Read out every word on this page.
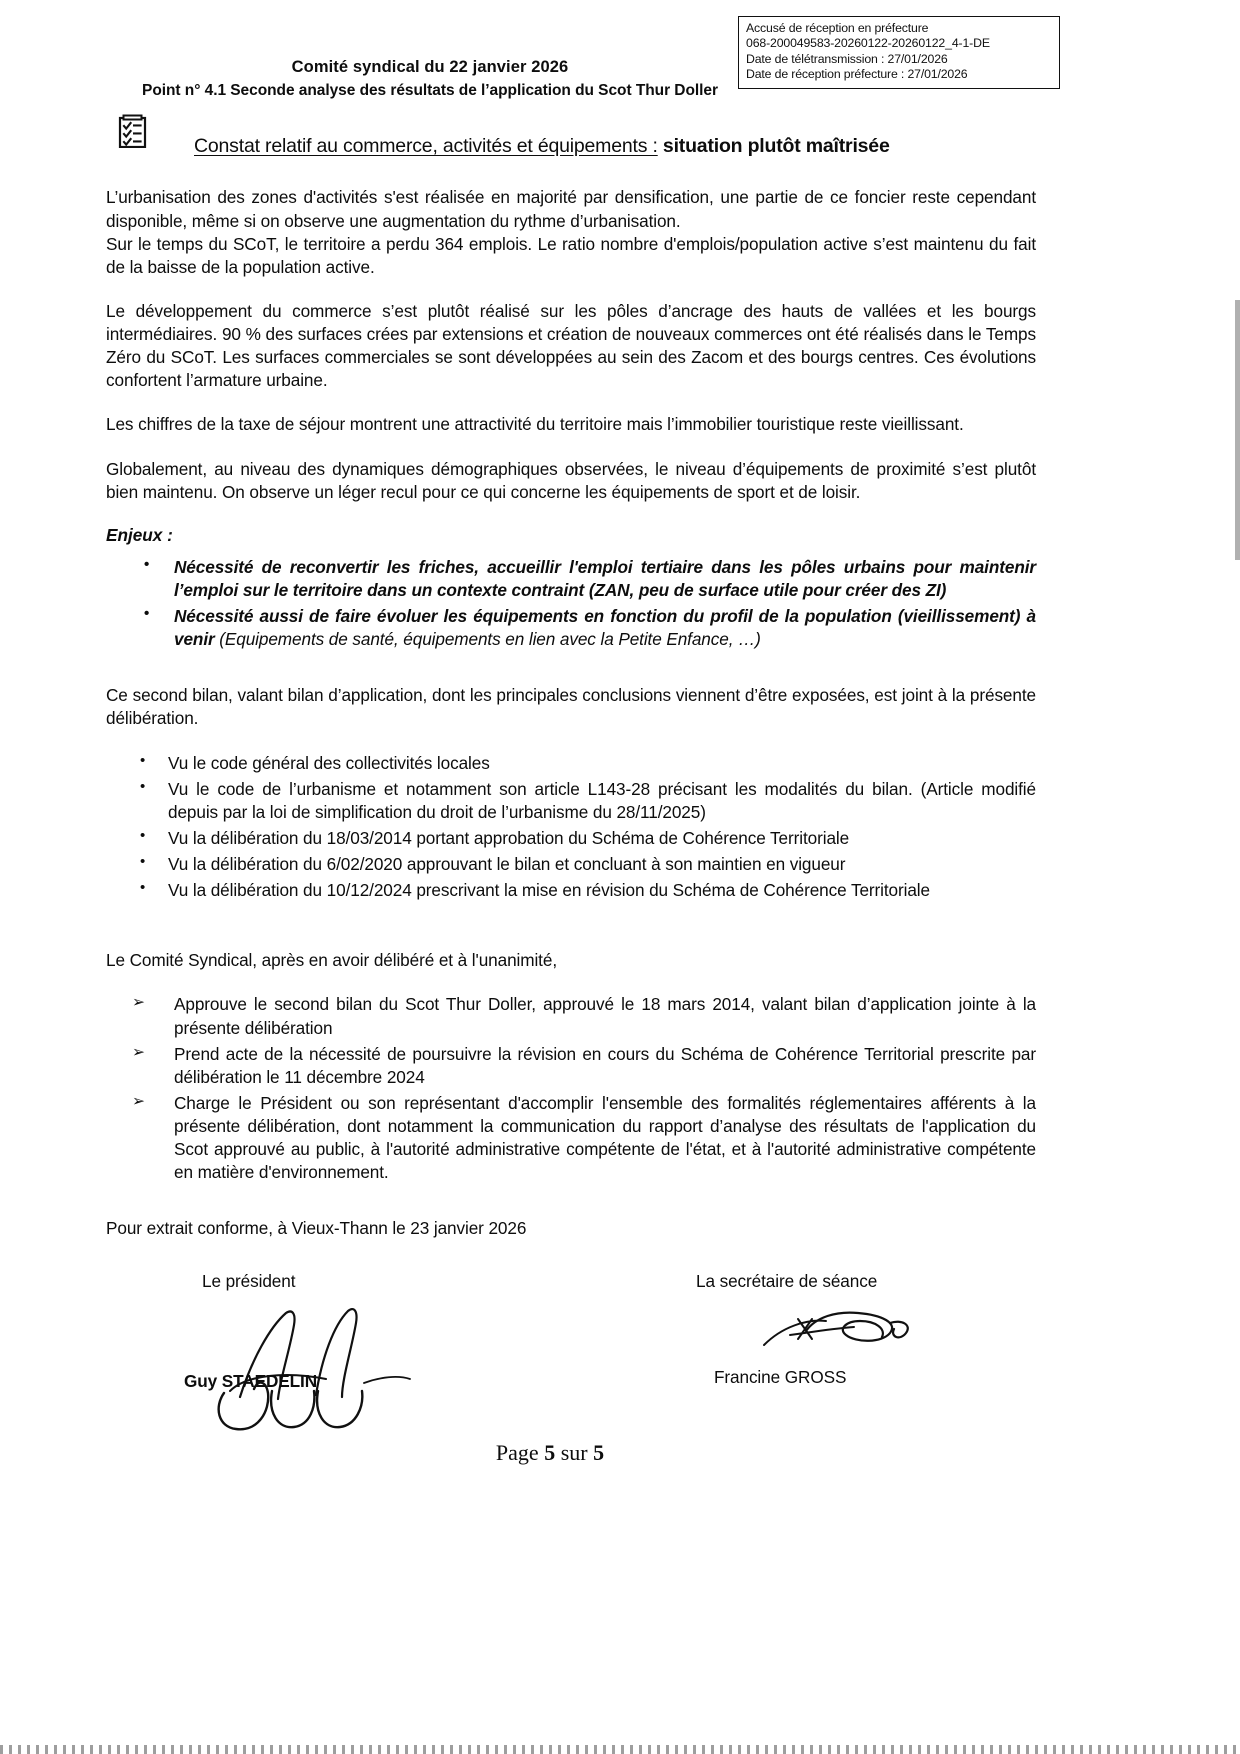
Comité syndical du 22 janvier 2026
Point n° 4.1 Seconde analyse des résultats de l’application du Scot Thur Doller
Accusé de réception en préfecture
068-200049583-20260122-20260122_4-1-DE
Date de télétransmission : 27/01/2026
Date de réception préfecture : 27/01/2026
Constat relatif au commerce, activités et équipements : situation plutôt maîtrisée

L’urbanisation des zones d'activités s'est réalisée en majorité par densification, une partie de ce foncier reste cependant disponible, même si on observe une augmentation du rythme d’urbanisation.

Sur le temps du SCoT, le territoire a perdu 364 emplois. Le ratio nombre d'emplois/population active s’est maintenu du fait de la baisse de la population active.

Le développement du commerce s’est plutôt réalisé sur les pôles d’ancrage des hauts de vallées et les bourgs intermédiaires. 90 % des surfaces crées par extensions et création de nouveaux commerces ont été réalisés dans le Temps Zéro du SCoT. Les surfaces commerciales se sont développées au sein des Zacom et des bourgs centres. Ces évolutions confortent l’armature urbaine.

Les chiffres de la taxe de séjour montrent une attractivité du territoire mais l’immobilier touristique reste vieillissant.

Globalement, au niveau des dynamiques démographiques observées, le niveau d’équipements de proximité s’est plutôt bien maintenu. On observe un léger recul pour ce qui concerne les équipements de sport et de loisir.

Enjeux :
• Nécessité de reconvertir les friches, accueillir l'emploi tertiaire dans les pôles urbains pour maintenir l’emploi sur le territoire dans un contexte contraint (ZAN, peu de surface utile pour créer des ZI)
• Nécessité aussi de faire évoluer les équipements en fonction du profil de la population (vieillissement) à venir (Equipements de santé, équipements en lien avec la Petite Enfance, …)

Ce second bilan, valant bilan d’application, dont les principales conclusions viennent d’être exposées, est joint à la présente délibération.

• Vu le code général des collectivités locales
• Vu le code de l’urbanisme et notamment son article L143-28 précisant les modalités du bilan. (Article modifié depuis par la loi de simplification du droit de l’urbanisme du 28/11/2025)
• Vu la délibération du 18/03/2014 portant approbation du Schéma de Cohérence Territoriale
• Vu la délibération du 6/02/2020 approuvant le bilan et concluant à son maintien en vigueur
• Vu la délibération du 10/12/2024 prescrivant la mise en révision du Schéma de Cohérence Territoriale

Le Comité Syndical, après en avoir délibéré et à l'unanimité,

➢ Approuve le second bilan du Scot Thur Doller, approuvé le 18 mars 2014, valant bilan d’application jointe à la présente délibération
➢ Prend acte de la nécessité de poursuivre la révision en cours du Schéma de Cohérence Territorial prescrite par délibération le 11 décembre 2024
➢ Charge le Président ou son représentant d'accomplir l'ensemble des formalités réglementaires afférents à la présente délibération, dont notamment la communication du rapport d’analyse des résultats de l'application du Scot approuvé au public, à l'autorité administrative compétente de l'état, et à l'autorité administrative compétente en matière d'environnement.

Pour extrait conforme, à Vieux-Thann le 23 janvier 2026

Le président	La secrétaire de séance
Francine GROSS
Guy STAEDELIN
Page 5 sur 5
